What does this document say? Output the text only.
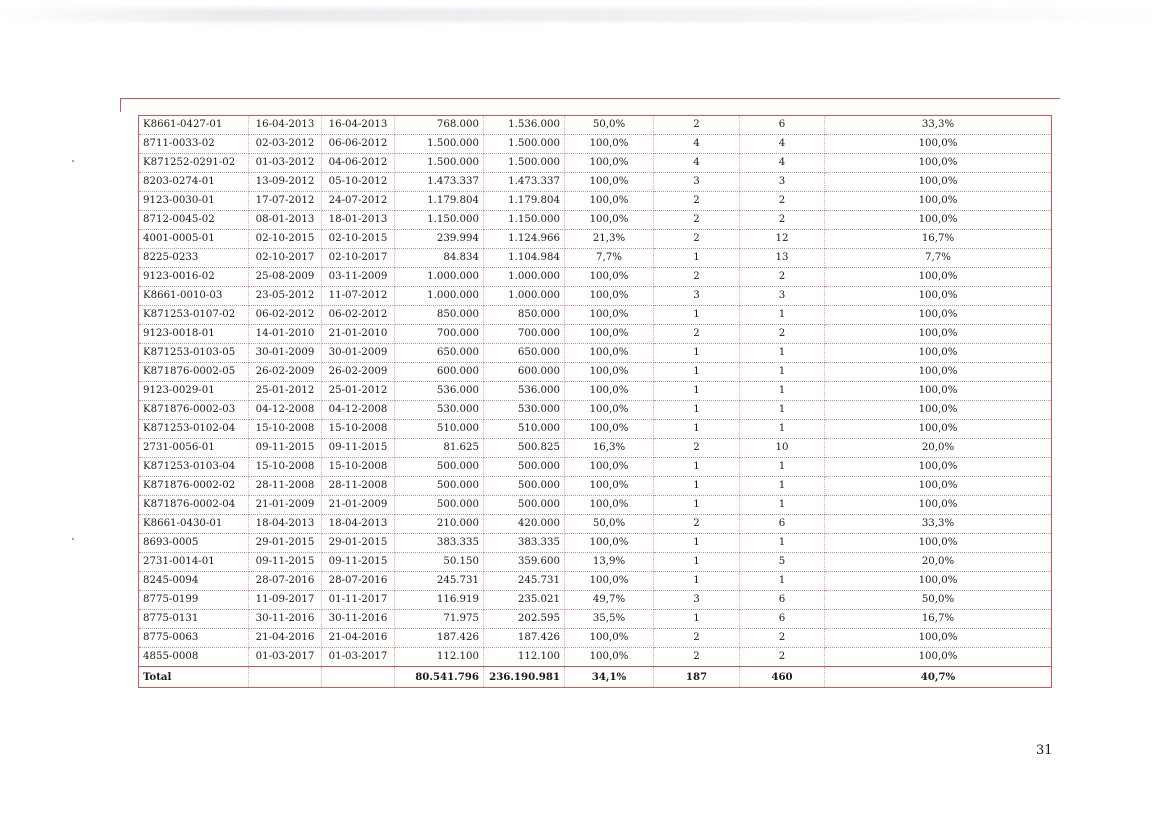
K8661-0427-01	16-04-2013	16-04-2013	768.000	1.536.000	50,0%	2	6	33,3%
8711-0033-02	02-03-2012	06-06-2012	1.500.000	1.500.000	100,0%	4	4	100,0%
K871252-0291-02	01-03-2012	04-06-2012	1.500.000	1.500.000	100,0%	4	4	100,0%
8203-0274-01	13-09-2012	05-10-2012	1.473.337	1.473.337	100,0%	3	3	100,0%
9123-0030-01	17-07-2012	24-07-2012	1.179.804	1.179.804	100,0%	2	2	100,0%
8712-0045-02	08-01-2013	18-01-2013	1.150.000	1.150.000	100,0%	2	2	100,0%
4001-0005-01	02-10-2015	02-10-2015	239.994	1.124.966	21,3%	2	12	16,7%
8225-0233	02-10-2017	02-10-2017	84.834	1.104.984	7,7%	1	13	7,7%
9123-0016-02	25-08-2009	03-11-2009	1.000.000	1.000.000	100,0%	2	2	100,0%
K8661-0010-03	23-05-2012	11-07-2012	1.000.000	1.000.000	100,0%	3	3	100,0%
K871253-0107-02	06-02-2012	06-02-2012	850.000	850.000	100,0%	1	1	100,0%
9123-0018-01	14-01-2010	21-01-2010	700.000	700.000	100,0%	2	2	100,0%
K871253-0103-05	30-01-2009	30-01-2009	650.000	650.000	100,0%	1	1	100,0%
K871876-0002-05	26-02-2009	26-02-2009	600.000	600.000	100,0%	1	1	100,0%
9123-0029-01	25-01-2012	25-01-2012	536.000	536.000	100,0%	1	1	100,0%
K871876-0002-03	04-12-2008	04-12-2008	530.000	530.000	100,0%	1	1	100,0%
K871253-0102-04	15-10-2008	15-10-2008	510.000	510.000	100,0%	1	1	100,0%
2731-0056-01	09-11-2015	09-11-2015	81.625	500.825	16,3%	2	10	20,0%
K871253-0103-04	15-10-2008	15-10-2008	500.000	500.000	100,0%	1	1	100,0%
K871876-0002-02	28-11-2008	28-11-2008	500.000	500.000	100,0%	1	1	100,0%
K871876-0002-04	21-01-2009	21-01-2009	500.000	500.000	100,0%	1	1	100,0%
K8661-0430-01	18-04-2013	18-04-2013	210.000	420.000	50,0%	2	6	33,3%
8693-0005	29-01-2015	29-01-2015	383.335	383.335	100,0%	1	1	100,0%
2731-0014-01	09-11-2015	09-11-2015	50.150	359.600	13,9%	1	5	20,0%
8245-0094	28-07-2016	28-07-2016	245.731	245.731	100,0%	1	1	100,0%
8775-0199	11-09-2017	01-11-2017	116.919	235.021	49,7%	3	6	50,0%
8775-0131	30-11-2016	30-11-2016	71.975	202.595	35,5%	1	6	16,7%
8775-0063	21-04-2016	21-04-2016	187.426	187.426	100,0%	2	2	100,0%
4855-0008	01-03-2017	01-03-2017	112.100	112.100	100,0%	2	2	100,0%
Total			80.541.796	236.190.981	34,1%	187	460	40,7%
31
